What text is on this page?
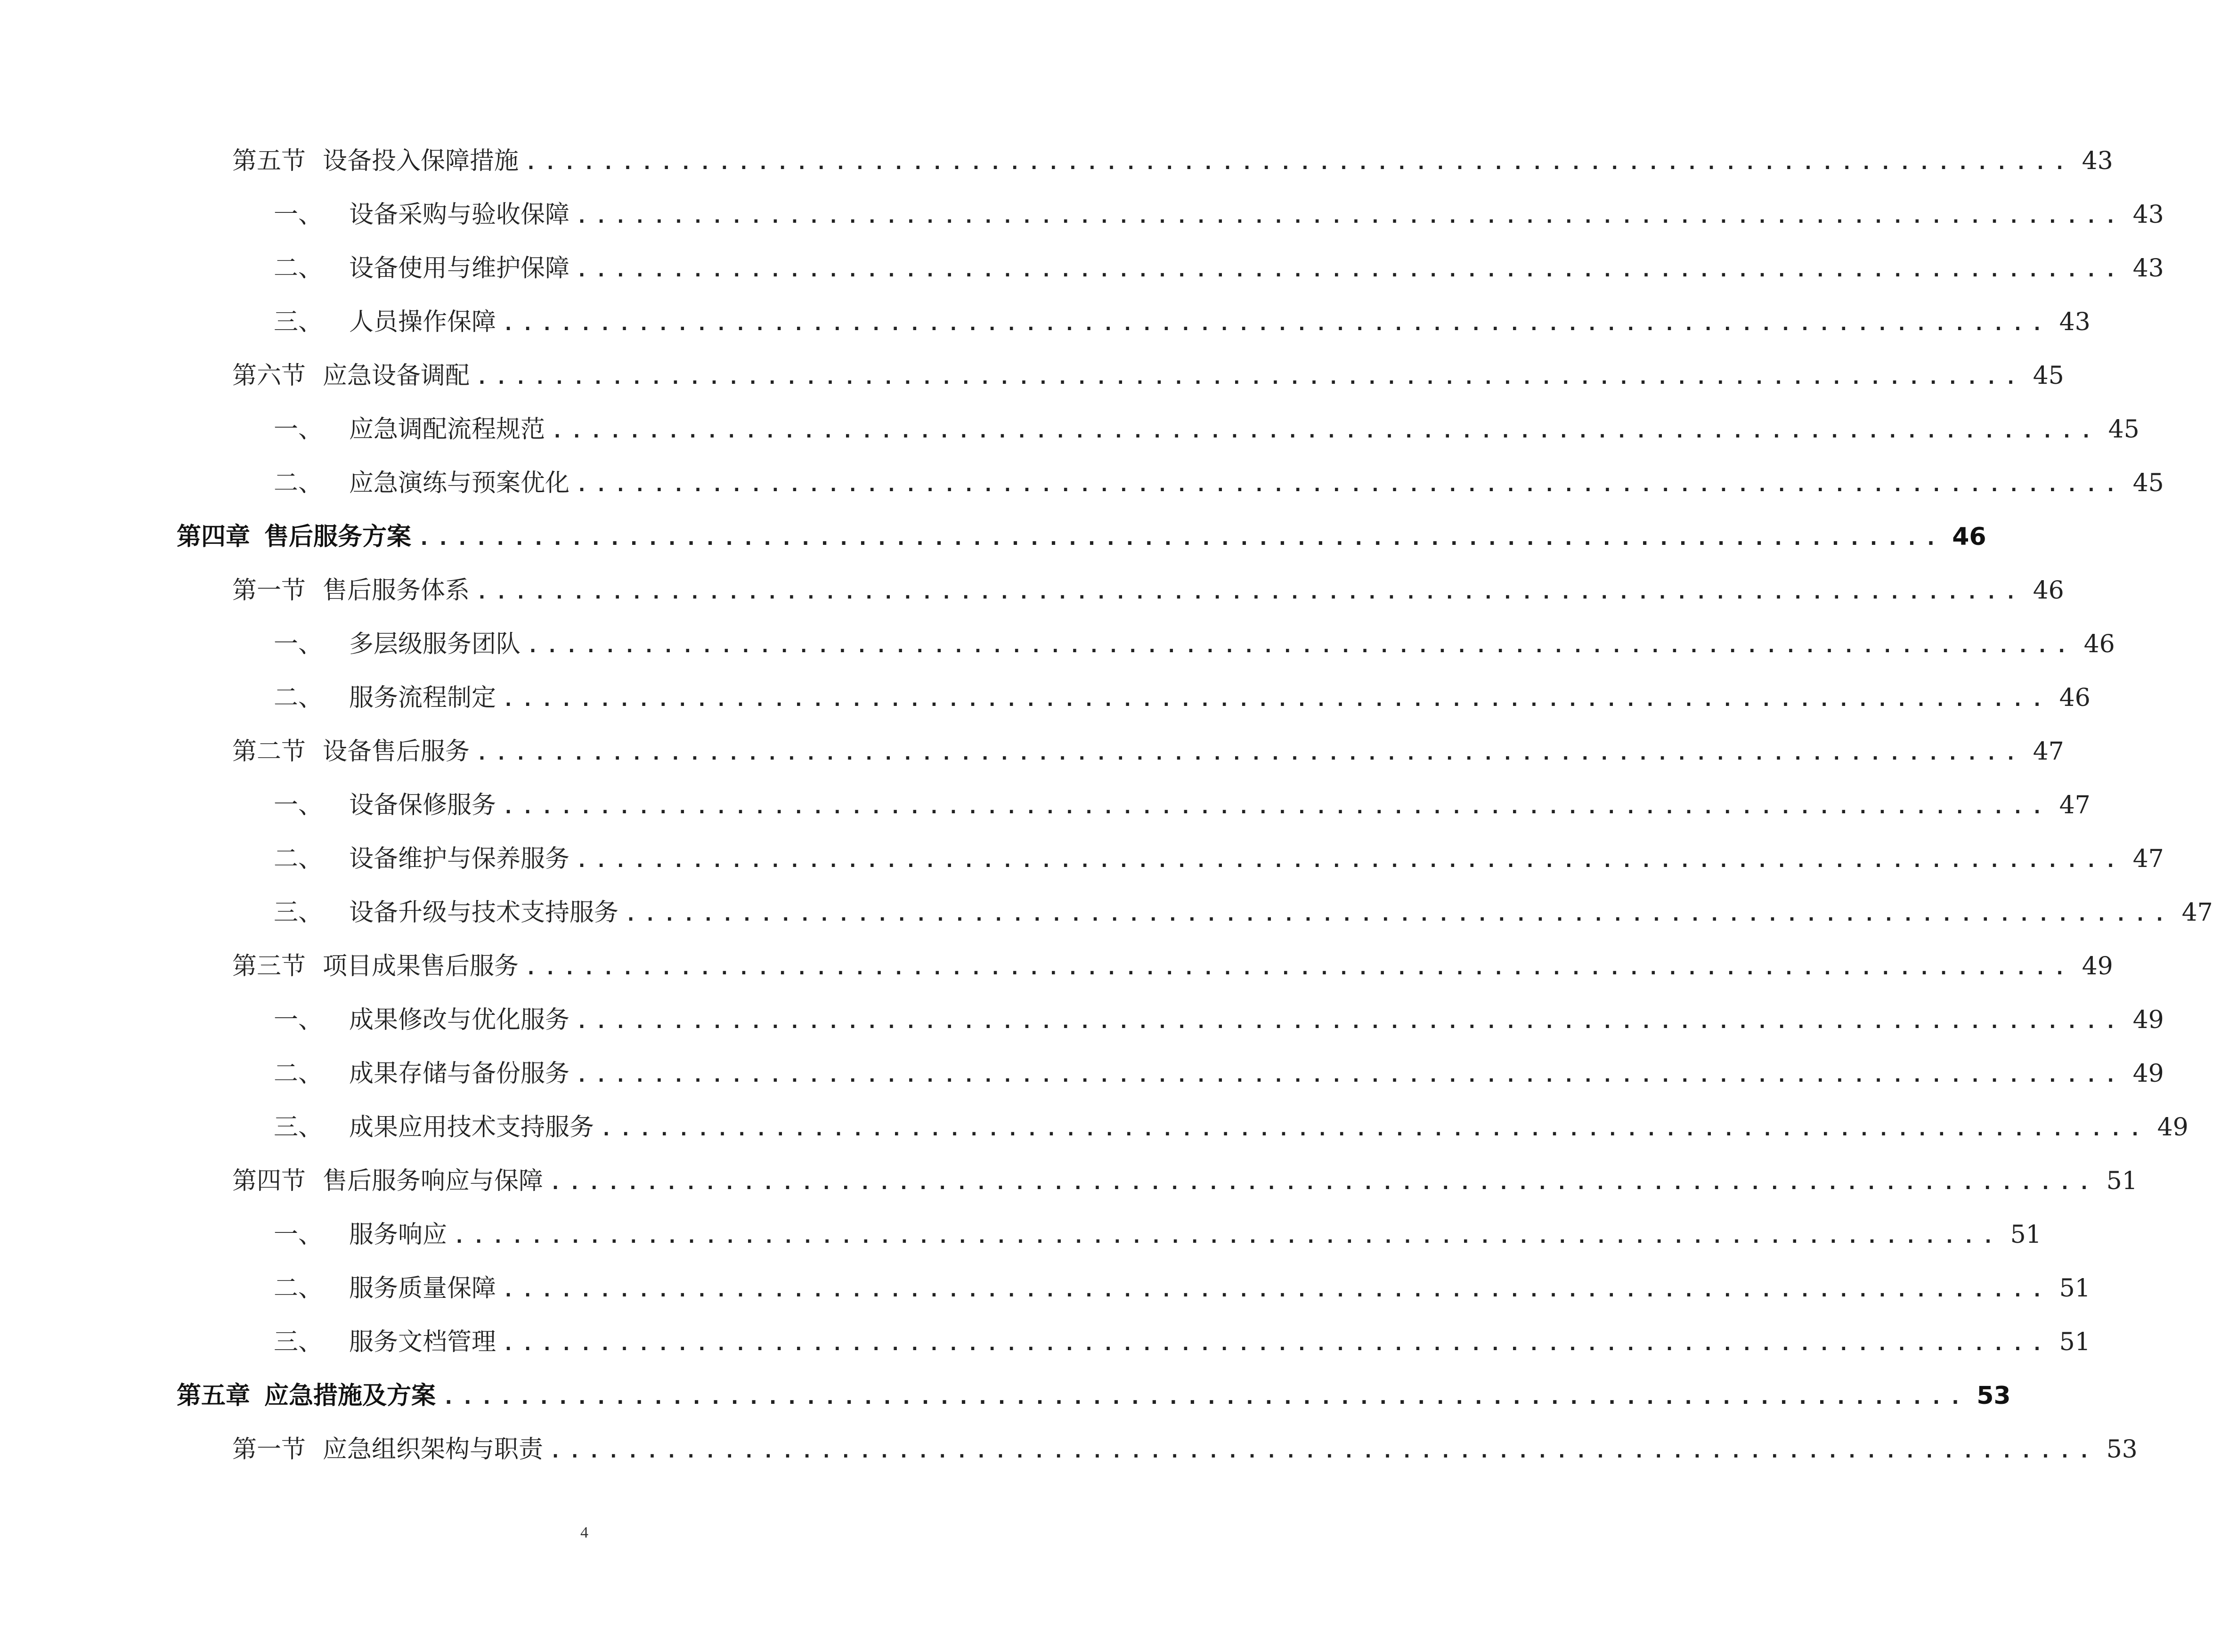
第五节 设备投入保障措施 ................................................................................ 43
一、 设备采购与验收保障 ................................................................................ 43
二、 设备使用与维护保障 ................................................................................ 43
三、 人员操作保障 ................................................................................ 43
第六节 应急设备调配 ................................................................................ 45
一、 应急调配流程规范 ................................................................................ 45
二、 应急演练与预案优化 ................................................................................ 45
第四章 售后服务方案 ................................................................................ 46
第一节 售后服务体系 ................................................................................ 46
一、 多层级服务团队 ................................................................................ 46
二、 服务流程制定 ................................................................................ 46
第二节 设备售后服务 ................................................................................ 47
一、 设备保修服务 ................................................................................ 47
二、 设备维护与保养服务 ................................................................................ 47
三、 设备升级与技术支持服务 ................................................................................ 47
第三节 项目成果售后服务 ................................................................................ 49
一、 成果修改与优化服务 ................................................................................ 49
二、 成果存储与备份服务 ................................................................................ 49
三、 成果应用技术支持服务 ................................................................................ 49
第四节 售后服务响应与保障 ................................................................................ 51
一、 服务响应 ................................................................................ 51
二、 服务质量保障 ................................................................................ 51
三、 服务文档管理 ................................................................................ 51
第五章 应急措施及方案 ................................................................................ 53
第一节 应急组织架构与职责 ................................................................................ 53
4
